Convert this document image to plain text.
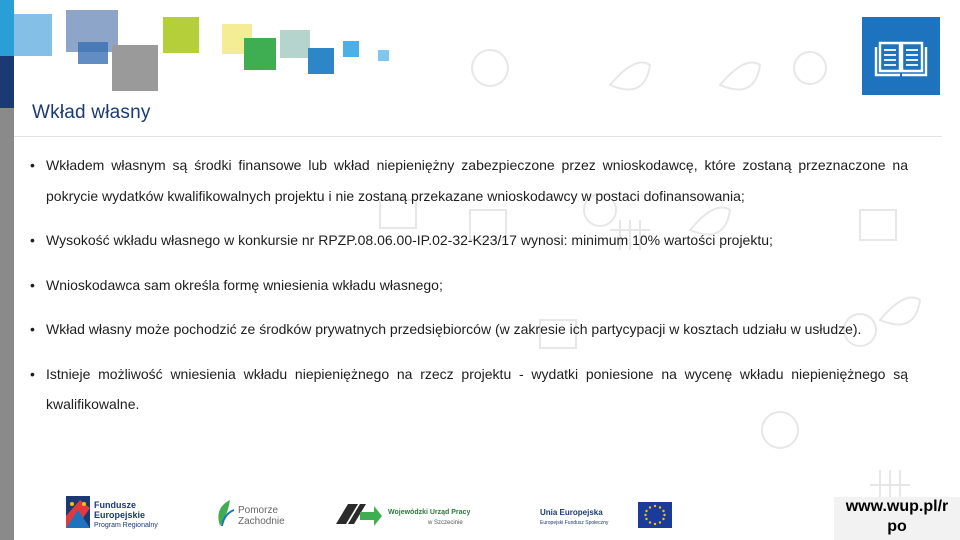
Wkład własny
• Wkładem własnym są środki finansowe lub wkład niepieniężny zabezpieczone przez wnioskodawcę, które zostaną przeznaczone na pokrycie wydatków kwalifikowalnych projektu i nie zostaną przekazane wnioskodawcy w postaci dofinansowania;
• Wysokość wkładu własnego w konkursie nr RPZP.08.06.00-IP.02-32-K23/17 wynosi: minimum 10% wartości projektu;
• Wnioskodawca sam określa formę wniesienia wkładu własnego;
• Wkład własny może pochodzić ze środków prywatnych przedsiębiorców (w zakresie ich partycypacji w kosztach udziału w usłudze).
• Istnieje możliwość wniesienia wkładu niepieniężnego na rzecz projektu - wydatki poniesione na wycenę wkładu niepieniężnego są kwalifikowalne.
Fundusze
Europejskie
Program Regionalny
Pomorze
Zachodnie
Wojewódzki Urząd Pracy
w Szczecinie
Unia Europejska
Europejski Fundusz Społeczny
www.wup.pl/r po
